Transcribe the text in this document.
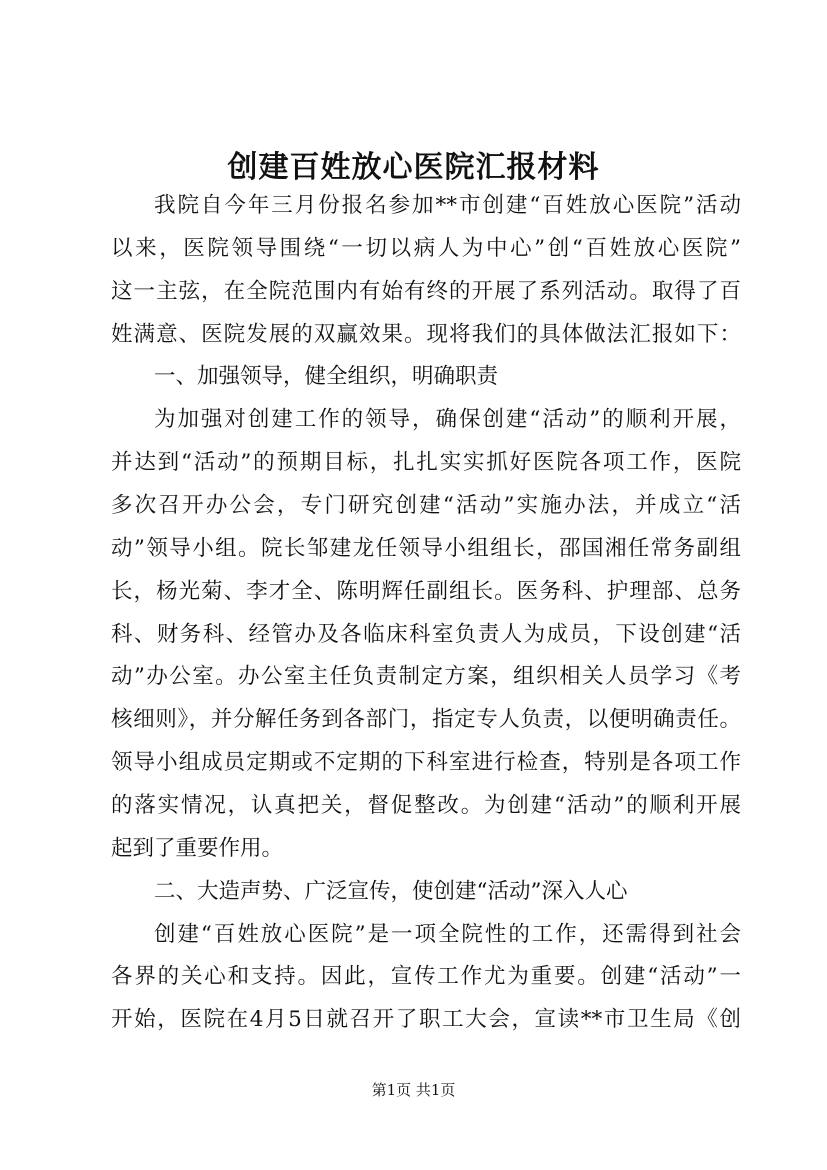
创建百姓放心医院汇报材料
我院自今年三月份报名参加**市创建“百姓放心医院”活动
以来，医院领导围绕“一切以病人为中心”创“百姓放心医院”
这一主弦，在全院范围内有始有终的开展了系列活动。取得了百
姓满意、医院发展的双赢效果。现将我们的具体做法汇报如下：
一、加强领导，健全组织，明确职责
为加强对创建工作的领导，确保创建“活动”的顺利开展，
并达到“活动”的预期目标，扎扎实实抓好医院各项工作，医院
多次召开办公会，专门研究创建“活动”实施办法，并成立“活
动”领导小组。院长邹建龙任领导小组组长，邵国湘任常务副组
长，杨光菊、李才全、陈明辉任副组长。医务科、护理部、总务
科、财务科、经管办及各临床科室负责人为成员，下设创建“活
动”办公室。办公室主任负责制定方案，组织相关人员学习《考
核细则》，并分解任务到各部门，指定专人负责，以便明确责任。
领导小组成员定期或不定期的下科室进行检查，特别是各项工作
的落实情况，认真把关，督促整改。为创建“活动”的顺利开展
起到了重要作用。
二、大造声势、广泛宣传，使创建“活动”深入人心
创建“百姓放心医院”是一项全院性的工作，还需得到社会
各界的关心和支持。因此，宣传工作尤为重要。创建“活动”一
开始，医院在4月5日就召开了职工大会，宣读**市卫生局《创
第1页 共1页
